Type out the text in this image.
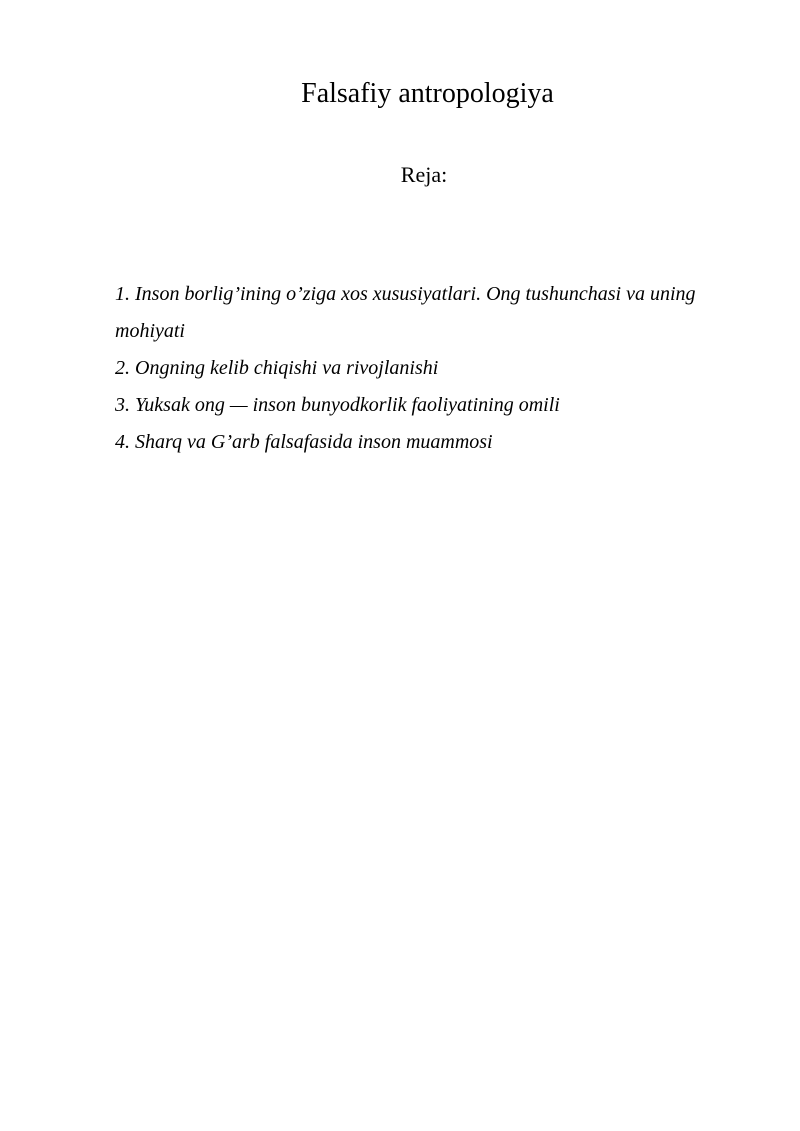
Falsafiy antropologiya

Reja:

1. Inson borlig’ining o’ziga xos xususiyatlari. Ong tushunchasi va uning mohiyati
2. Ongning kelib chiqishi va rivojlanishi
3. Yuksak ong — inson bunyodkorlik faoliyatining omili
4. Sharq va G’arb falsafasida inson muammosi
